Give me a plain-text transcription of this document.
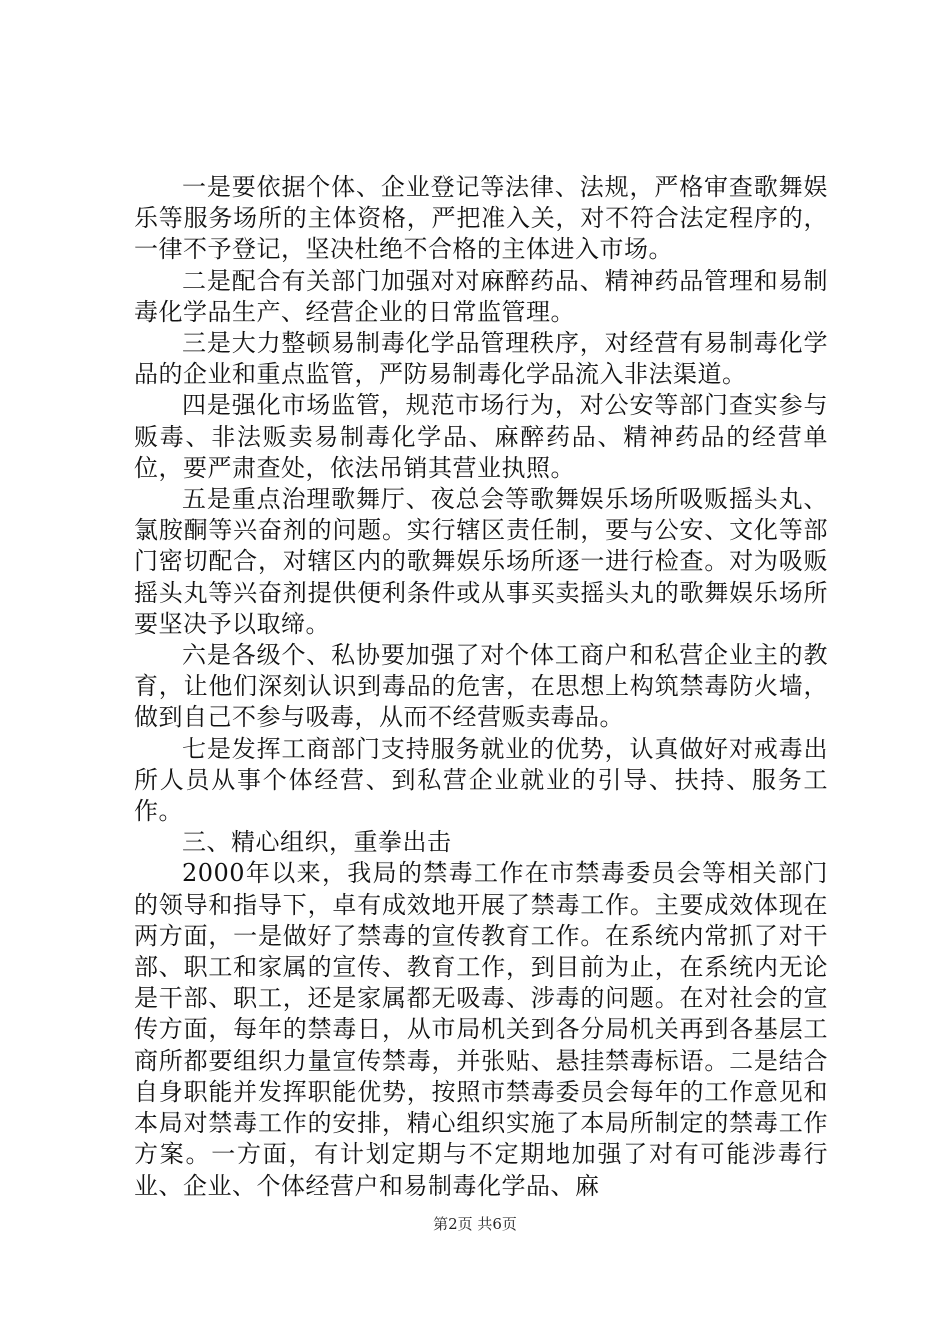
一是要依据个体、企业登记等法律、法规，严格审查歌舞娱乐等服务场所的主体资格，严把准入关，对不符合法定程序的，一律不予登记，坚决杜绝不合格的主体进入市场。

二是配合有关部门加强对对麻醉药品、精神药品管理和易制毒化学品生产、经营企业的日常监管理。

三是大力整顿易制毒化学品管理秩序，对经营有易制毒化学品的企业和重点监管，严防易制毒化学品流入非法渠道。

四是强化市场监管，规范市场行为，对公安等部门查实参与贩毒、非法贩卖易制毒化学品、麻醉药品、精神药品的经营单位，要严肃查处，依法吊销其营业执照。

五是重点治理歌舞厅、夜总会等歌舞娱乐场所吸贩摇头丸、氯胺酮等兴奋剂的问题。实行辖区责任制，要与公安、文化等部门密切配合，对辖区内的歌舞娱乐场所逐一进行检查。对为吸贩摇头丸等兴奋剂提供便利条件或从事买卖摇头丸的歌舞娱乐场所要坚决予以取缔。

六是各级个、私协要加强了对个体工商户和私营企业主的教育，让他们深刻认识到毒品的危害，在思想上构筑禁毒防火墙，做到自己不参与吸毒，从而不经营贩卖毒品。

七是发挥工商部门支持服务就业的优势，认真做好对戒毒出所人员从事个体经营、到私营企业就业的引导、扶持、服务工作。

三、精心组织，重拳出击

2000年以来，我局的禁毒工作在市禁毒委员会等相关部门的领导和指导下，卓有成效地开展了禁毒工作。主要成效体现在两方面，一是做好了禁毒的宣传教育工作。在系统内常抓了对干部、职工和家属的宣传、教育工作，到目前为止，在系统内无论是干部、职工，还是家属都无吸毒、涉毒的问题。在对社会的宣传方面，每年的禁毒日，从市局机关到各分局机关再到各基层工商所都要组织力量宣传禁毒，并张贴、悬挂禁毒标语。二是结合自身职能并发挥职能优势，按照市禁毒委员会每年的工作意见和本局对禁毒工作的安排，精心组织实施了本局所制定的禁毒工作方案。一方面，有计划定期与不定期地加强了对有可能涉毒行业、企业、个体经营户和易制毒化学品、麻

第2页 共6页
